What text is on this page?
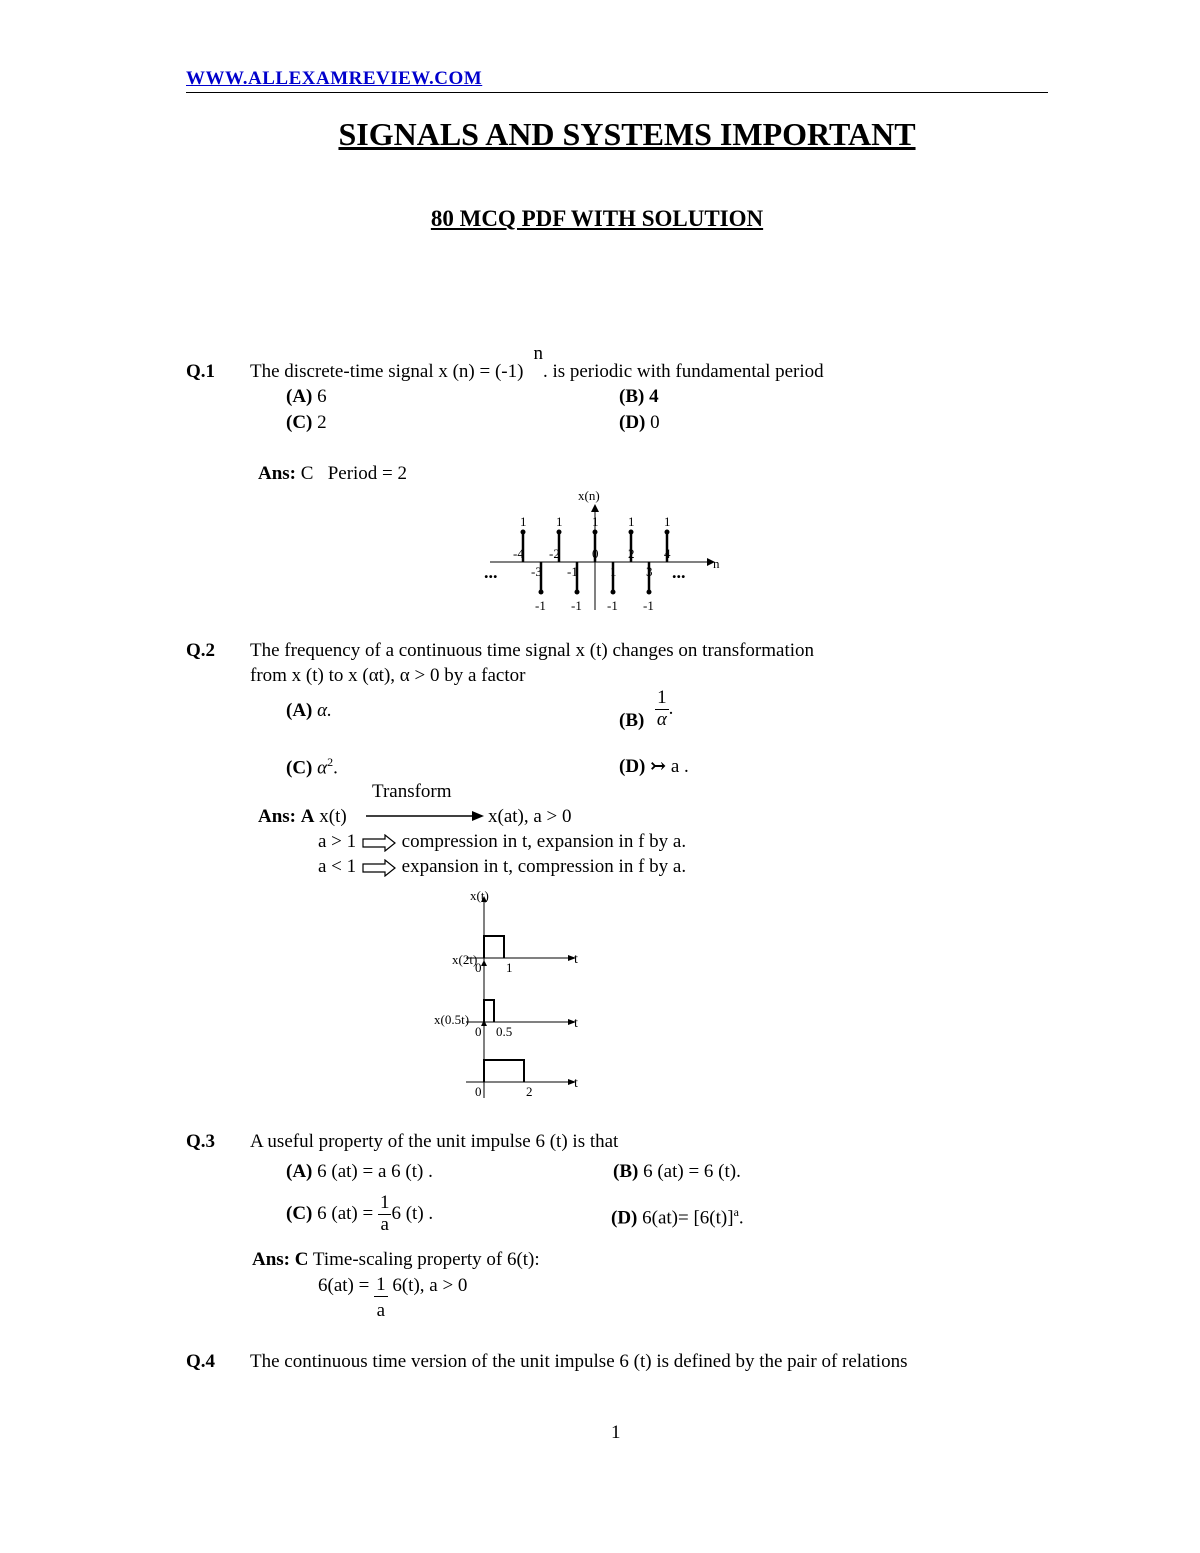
WWW.ALLEXAMREVIEW.COM
SIGNALS AND SYSTEMS IMPORTANT
80 MCQ PDF WITH SOLUTION
Q.1 The discrete-time signal x (n) = (-1)n. is periodic with fundamental period
(A) 6	(B) 4
(C) 2	(D) 0
Ans: C Period = 2
x(n)
n
...	...
1
-4
-1
-3
1
-2
-1
-1
1
0
-1
1
1
2
-1
3
1
4
Q.2 The frequency of a continuous time signal x (t) changes on transformation
from x (t) to x (αt), α > 0 by a factor
(A) α.	$(B) \frac{1}{\alpha}$ .
(C) $\alpha^2$.	(D) ↣ a .
Transform
Ans: A x(t)	x(at), a > 0
a > 1 compression in t, expansion in f by a.
a < 1 expansion in t, compression in f by a.
t
x(t)
0 1
t
x(2t)
0 0.5
t
x(0.5t)
0	2
Q.3 A useful property of the unit impulse 6 (t) is that
(A) 6 (at) = a 6 (t) .	(B) 6 (at) = 6 (t).
(C) 6 $(at) = \frac{1}{a} 6$ (t) .	(D) $6(at)= [6(t)]^a$.
Ans: C Time-scaling property of 6(t):
$6(at) = \frac{1}{a} 6(t)$, a > 0
Q.4 The continuous time version of the unit impulse 6 (t) is defined by the pair of relations
1
